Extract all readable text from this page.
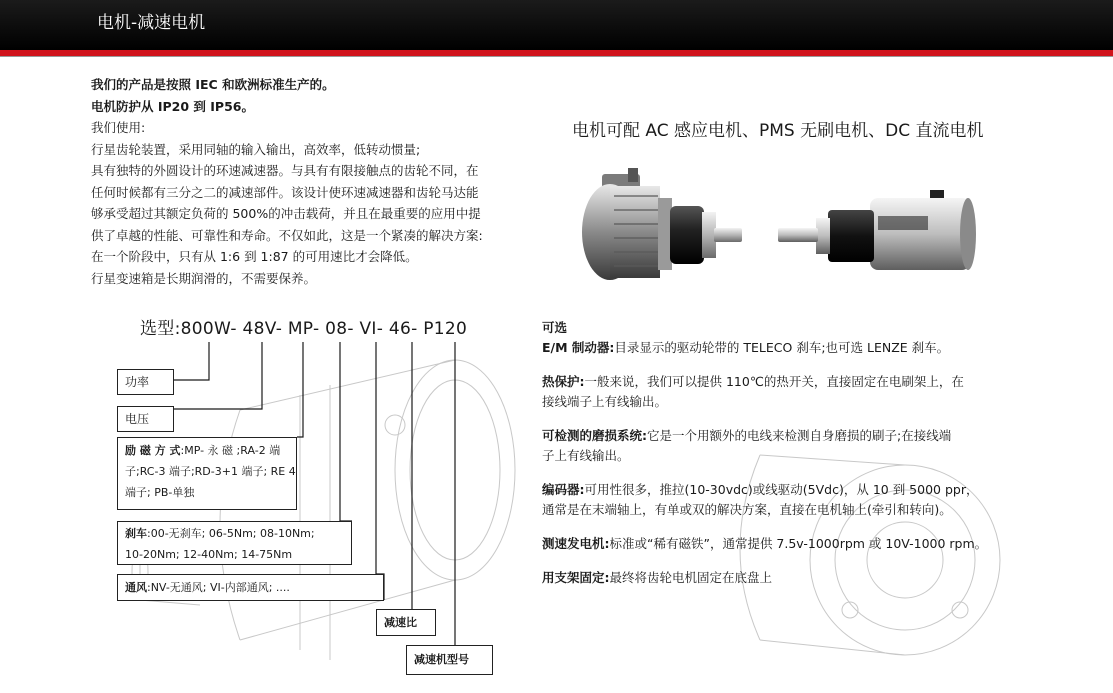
电机-减速电机
我们的产品是按照 IEC 和欧洲标准生产的。
电机防护从 IP20 到 IP56。
我们使用:
行星齿轮装置，采用同轴的输入输出，高效率，低转动惯量;
具有独特的外圆设计的环速减速器。与具有有限接触点的齿轮不同，在
任何时候都有三分之二的减速部件。该设计使环速减速器和齿轮马达能
够承受超过其额定负荷的 500%的冲击载荷，并且在最重要的应用中提
供了卓越的性能、可靠性和寿命。不仅如此，这是一个紧凑的解决方案:
在一个阶段中，只有从 1:6 到 1:87 的可用速比才会降低。
行星变速箱是长期润滑的，不需要保养。
电机可配 AC 感应电机、PMS 无刷电机、DC 直流电机
选型:800W- 48V- MP- 08- VI- 46- P120
功率
电压
励 磁 方 式:MP- 永 磁 ;RA-2 端
子;RC-3 端子;RD-3+1 端子; RE 4
端子; PB-单独
刹车:00-无刹车; 06-5Nm; 08-10Nm;
10-20Nm; 12-40Nm; 14-75Nm
通风:NV-无通风; VI-内部通风; ....
减速比
减速机型号
可选
E/M 制动器:目录显示的驱动轮带的 TELECO 刹车;也可选 LENZE 刹车。
热保护:一般来说，我们可以提供 110℃的热开关，直接固定在电刷架上，在
接线端子上有线输出。
可检测的磨损系统:它是一个用额外的电线来检测自身磨损的刷子;在接线端
子上有线输出。
编码器:可用性很多，推拉(10-30vdc)或线驱动(5Vdc)，从 10 到 5000 ppr，
通常是在末端轴上，有单或双的解决方案，直接在电机轴上(牵引和转向)。
测速发电机:标准或“稀有磁铁”，通常提供 7.5v-1000rpm 或 10V-1000 rpm。
用支架固定:最终将齿轮电机固定在底盘上
